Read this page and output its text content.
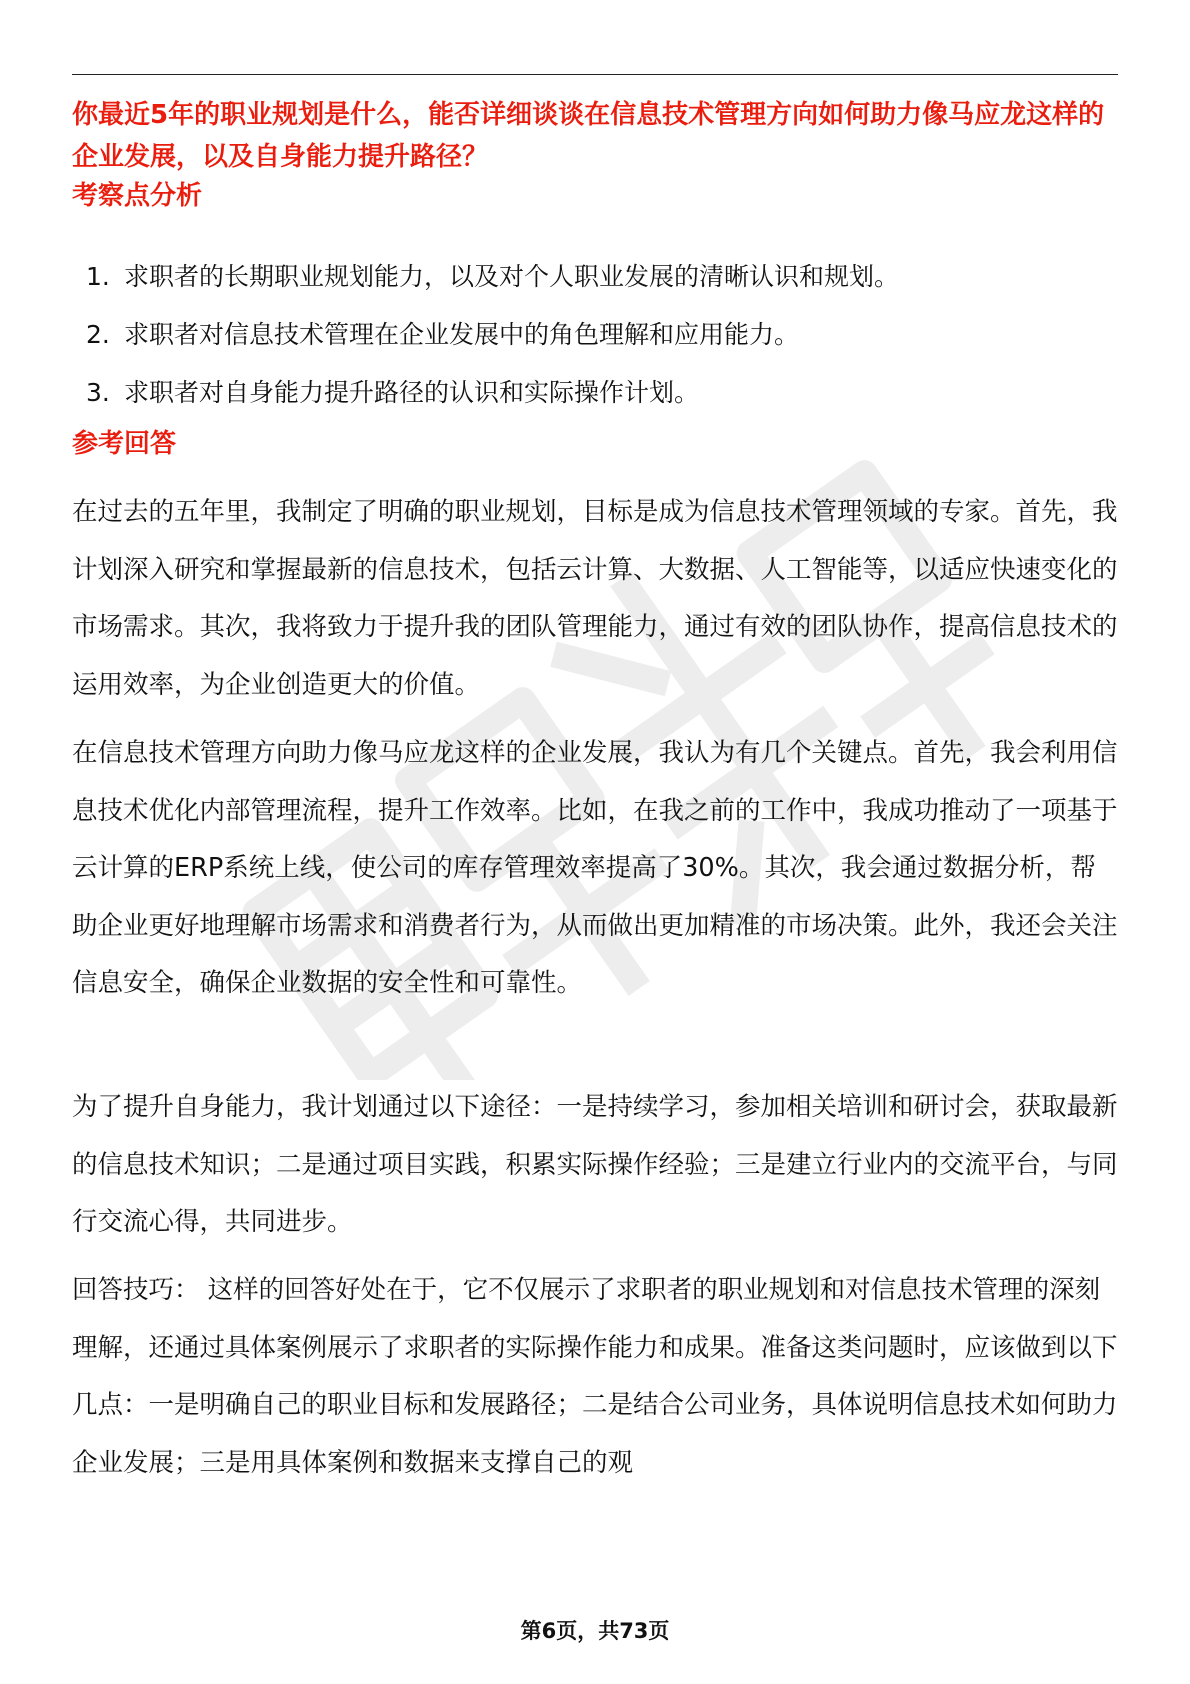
你最近5年的职业规划是什么，能否详细谈谈在信息技术管理方向如何助力像马应龙这样的企业发展，以及自身能力提升路径？
考察点分析
1. 求职者的长期职业规划能力，以及对个人职业发展的清晰认识和规划。
2. 求职者对信息技术管理在企业发展中的角色理解和应用能力。
3. 求职者对自身能力提升路径的认识和实际操作计划。
参考回答

在过去的五年里，我制定了明确的职业规划，目标是成为信息技术管理领域的专家。首先，我计划深入研究和掌握最新的信息技术，包括云计算、大数据、人工智能等，以适应快速变化的市场需求。其次，我将致力于提升我的团队管理能力，通过有效的团队协作，提高信息技术的运用效率，为企业创造更大的价值。

在信息技术管理方向助力像马应龙这样的企业发展，我认为有几个关键点。首先，我会利用信息技术优化内部管理流程，提升工作效率。比如，在我之前的工作中，我成功推动了一项基于云计算的ERP系统上线，使公司的库存管理效率提高了30%。其次，我会通过数据分析，帮助企业更好地理解市场需求和消费者行为，从而做出更加精准的市场决策。此外，我还会关注信息安全，确保企业数据的安全性和可靠性。

为了提升自身能力，我计划通过以下途径：一是持续学习，参加相关培训和研讨会，获取最新的信息技术知识；二是通过项目实践，积累实际操作经验；三是建立行业内的交流平台，与同行交流心得，共同进步。

回答技巧： 这样的回答好处在于，它不仅展示了求职者的职业规划和对信息技术管理的深刻理解，还通过具体案例展示了求职者的实际操作能力和成果。准备这类问题时，应该做到以下几点：一是明确自己的职业目标和发展路径；二是结合公司业务，具体说明信息技术如何助力企业发展；三是用具体案例和数据来支撑自己的观

第6页，共73页
